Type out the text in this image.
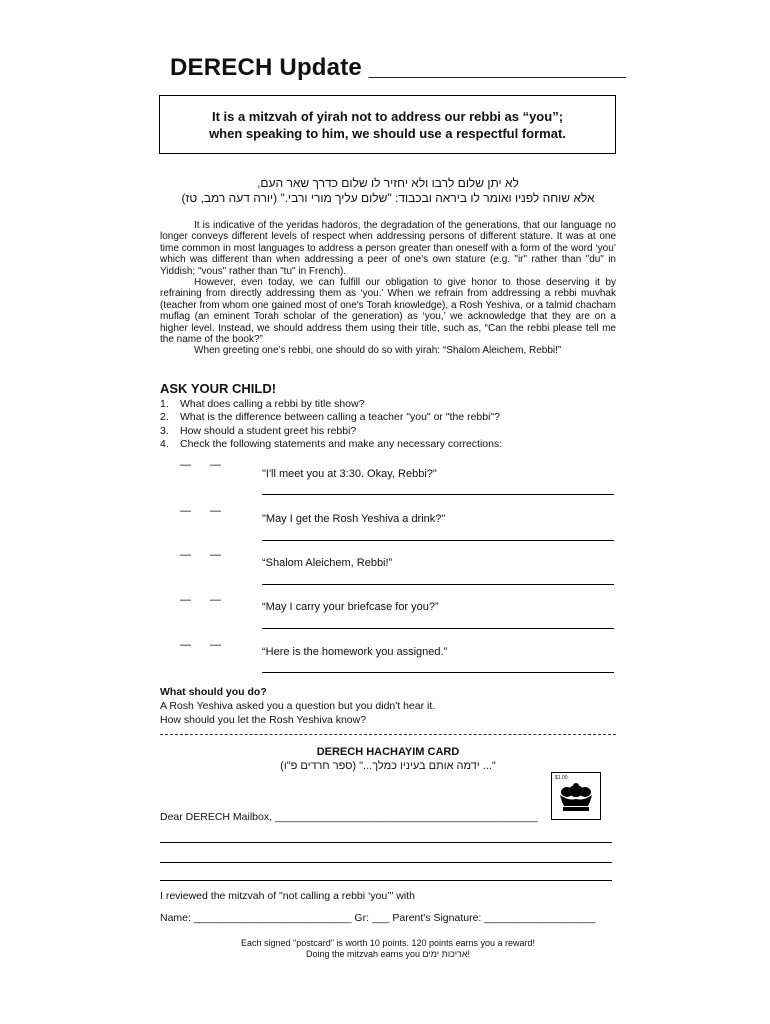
DERECH Update ___________________
It is a mitzvah of yirah not to address our rebbi as “you”;
when speaking to him, we should use a respectful format.
לא יתן שלום לרבו ולא יחזיר לו שלום כדרך שאר העם,
אלא שוחה לפניו ואומר לו ביראה ובכבוד: "שלום עליך מורי ורבי." (יורה דעה רמב, טז)

It is indicative of the yeridas hadoros, the degradation of the generations, that our language no longer conveys different levels of respect when addressing persons of different stature. It was at one time common in most languages to address a person greater than oneself with a form of the word ‘you’ which was different than when addressing a peer of one's own stature (e.g. "ir" rather than "du" in Yiddish; "vous" rather than "tu" in French).

However, even today, we can fulfill our obligation to give honor to those deserving it by refraining from directly addressing them as ‘you.’ When we refrain from addressing a rebbi muvhak (teacher from whom one gained most of one's Torah knowledge), a Rosh Yeshiva, or a talmid chacham muflag (an eminent Torah scholar of the generation) as ‘you,’ we acknowledge that they are on a higher level. Instead, we should address them using their title, such as, “Can the rebbi please tell me the name of the book?”

When greeting one’s rebbi, one should do so with yirah: “Shalom Aleichem, Rebbi!”

ASK YOUR CHILD!
1.	What does calling a rebbi by title show?
2.	What is the difference between calling a teacher "you" or "the rebbi"?
3.	How should a student greet his rebbi?
4.	Check the following statements and make any necessary corrections:
— —
"I'll meet you at 3:30. Okay, Rebbi?"
— —
"May I get the Rosh Yeshiva a drink?"
— —
“Shalom Aleichem, Rebbi!”
— —
“May I carry your briefcase for you?”
— —
“Here is the homework you assigned.”
What should you do?
A Rosh Yeshiva asked you a question but you didn't hear it.
How should you let the Rosh Yeshiva know?
DERECH HACHAYIM CARD
"... ידמה אותם בעיניו כמלך..." (ספר חרדים פ"ו)
$1.00
Dear DERECH Mailbox, _____________________________________________
I reviewed the mitzvah of "not calling a rebbi ‘you’" with
Name: ___________________________ Gr: ___ Parent's Signature: ___________________
Each signed "postcard" is worth 10 points. 120 points earns you a reward!
Doing the mitzvah earns you אריכות ימים!
